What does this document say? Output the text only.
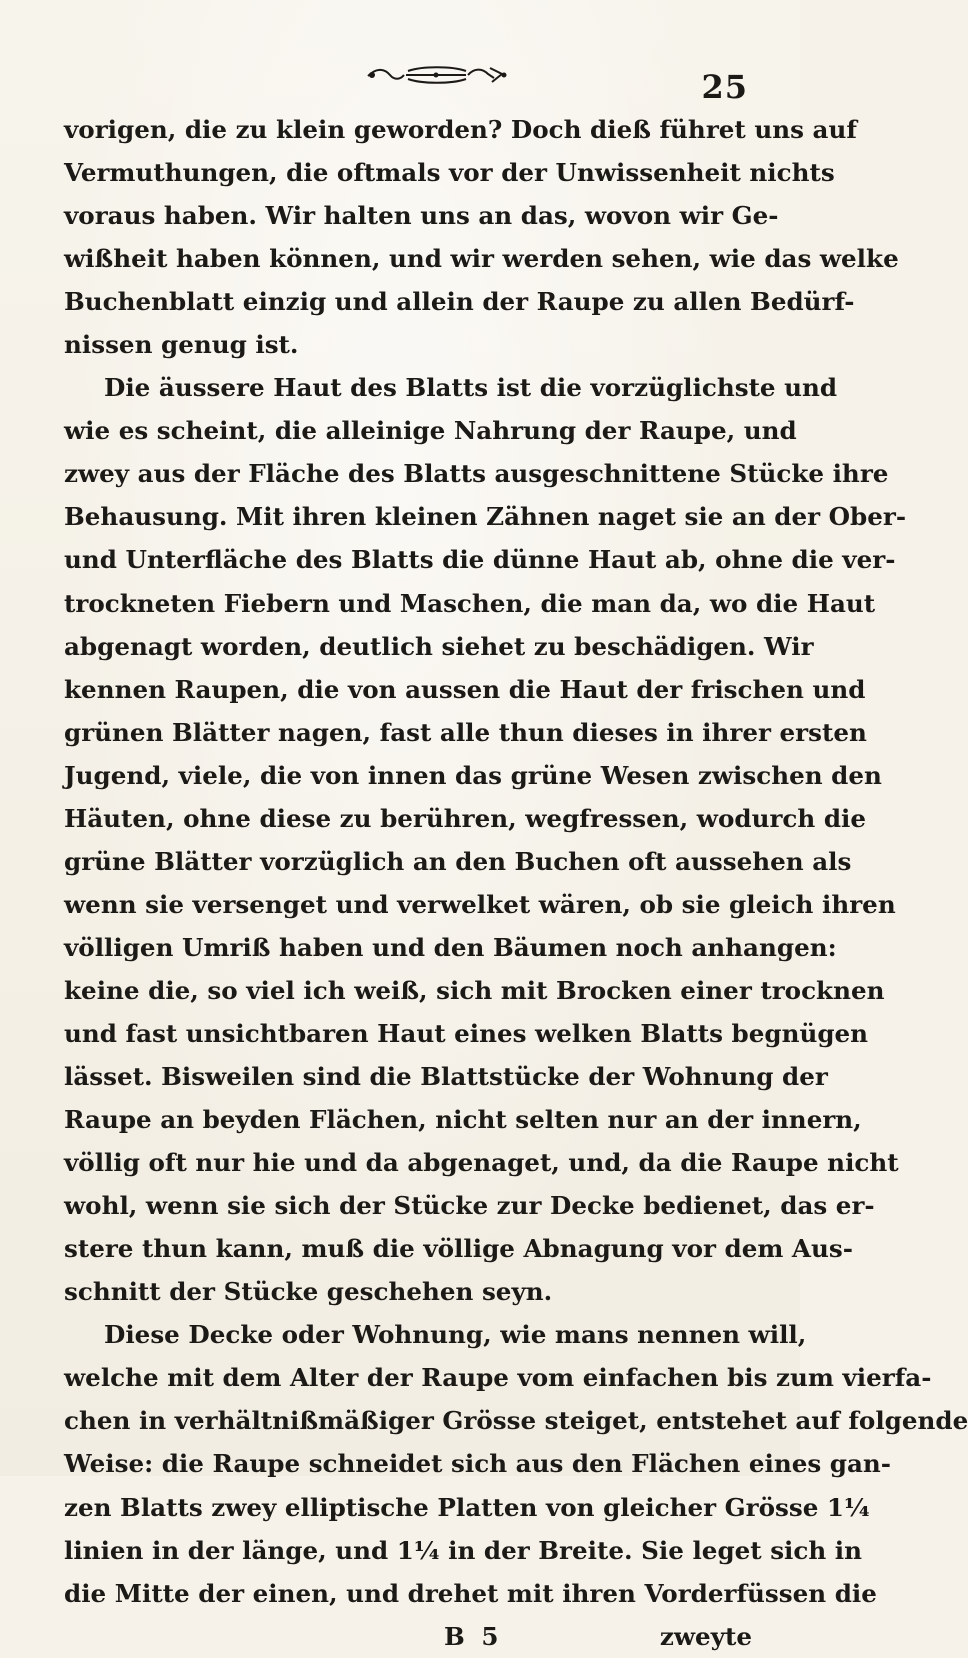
25
vorigen, die zu klein geworden? Doch dieß führet uns auf
Vermuthungen, die oftmals vor der Unwissenheit nichts
voraus haben. Wir halten uns an das, wovon wir Ge-
wißheit haben können, und wir werden sehen, wie das welke
Buchenblatt einzig und allein der Raupe zu allen Bedürf-
nissen genug ist.
Die äussere Haut des Blatts ist die vorzüglichste und
wie es scheint, die alleinige Nahrung der Raupe, und
zwey aus der Fläche des Blatts ausgeschnittene Stücke ihre
Behausung. Mit ihren kleinen Zähnen naget sie an der Ober-
und Unterfläche des Blatts die dünne Haut ab, ohne die ver-
trockneten Fiebern und Maschen, die man da, wo die Haut
abgenagt worden, deutlich siehet zu beschädigen. Wir
kennen Raupen, die von aussen die Haut der frischen und
grünen Blätter nagen, fast alle thun dieses in ihrer ersten
Jugend, viele, die von innen das grüne Wesen zwischen den
Häuten, ohne diese zu berühren, wegfressen, wodurch die
grüne Blätter vorzüglich an den Buchen oft aussehen als
wenn sie versenget und verwelket wären, ob sie gleich ihren
völligen Umriß haben und den Bäumen noch anhangen:
keine die, so viel ich weiß, sich mit Brocken einer trocknen
und fast unsichtbaren Haut eines welken Blatts begnügen
lässet. Bisweilen sind die Blattstücke der Wohnung der
Raupe an beyden Flächen, nicht selten nur an der innern,
völlig oft nur hie und da abgenaget, und, da die Raupe nicht
wohl, wenn sie sich der Stücke zur Decke bedienet, das er-
stere thun kann, muß die völlige Abnagung vor dem Aus-
schnitt der Stücke geschehen seyn.
Diese Decke oder Wohnung, wie mans nennen will,
welche mit dem Alter der Raupe vom einfachen bis zum vierfa-
chen in verhältnißmäßiger Grösse steiget, entstehet auf folgende
Weise: die Raupe schneidet sich aus den Flächen eines gan-
zen Blatts zwey elliptische Platten von gleicher Grösse 1¼
linien in der länge, und 1¼ in der Breite. Sie leget sich in
die Mitte der einen, und drehet mit ihren Vorderfüssen die
B 5	zweyte
